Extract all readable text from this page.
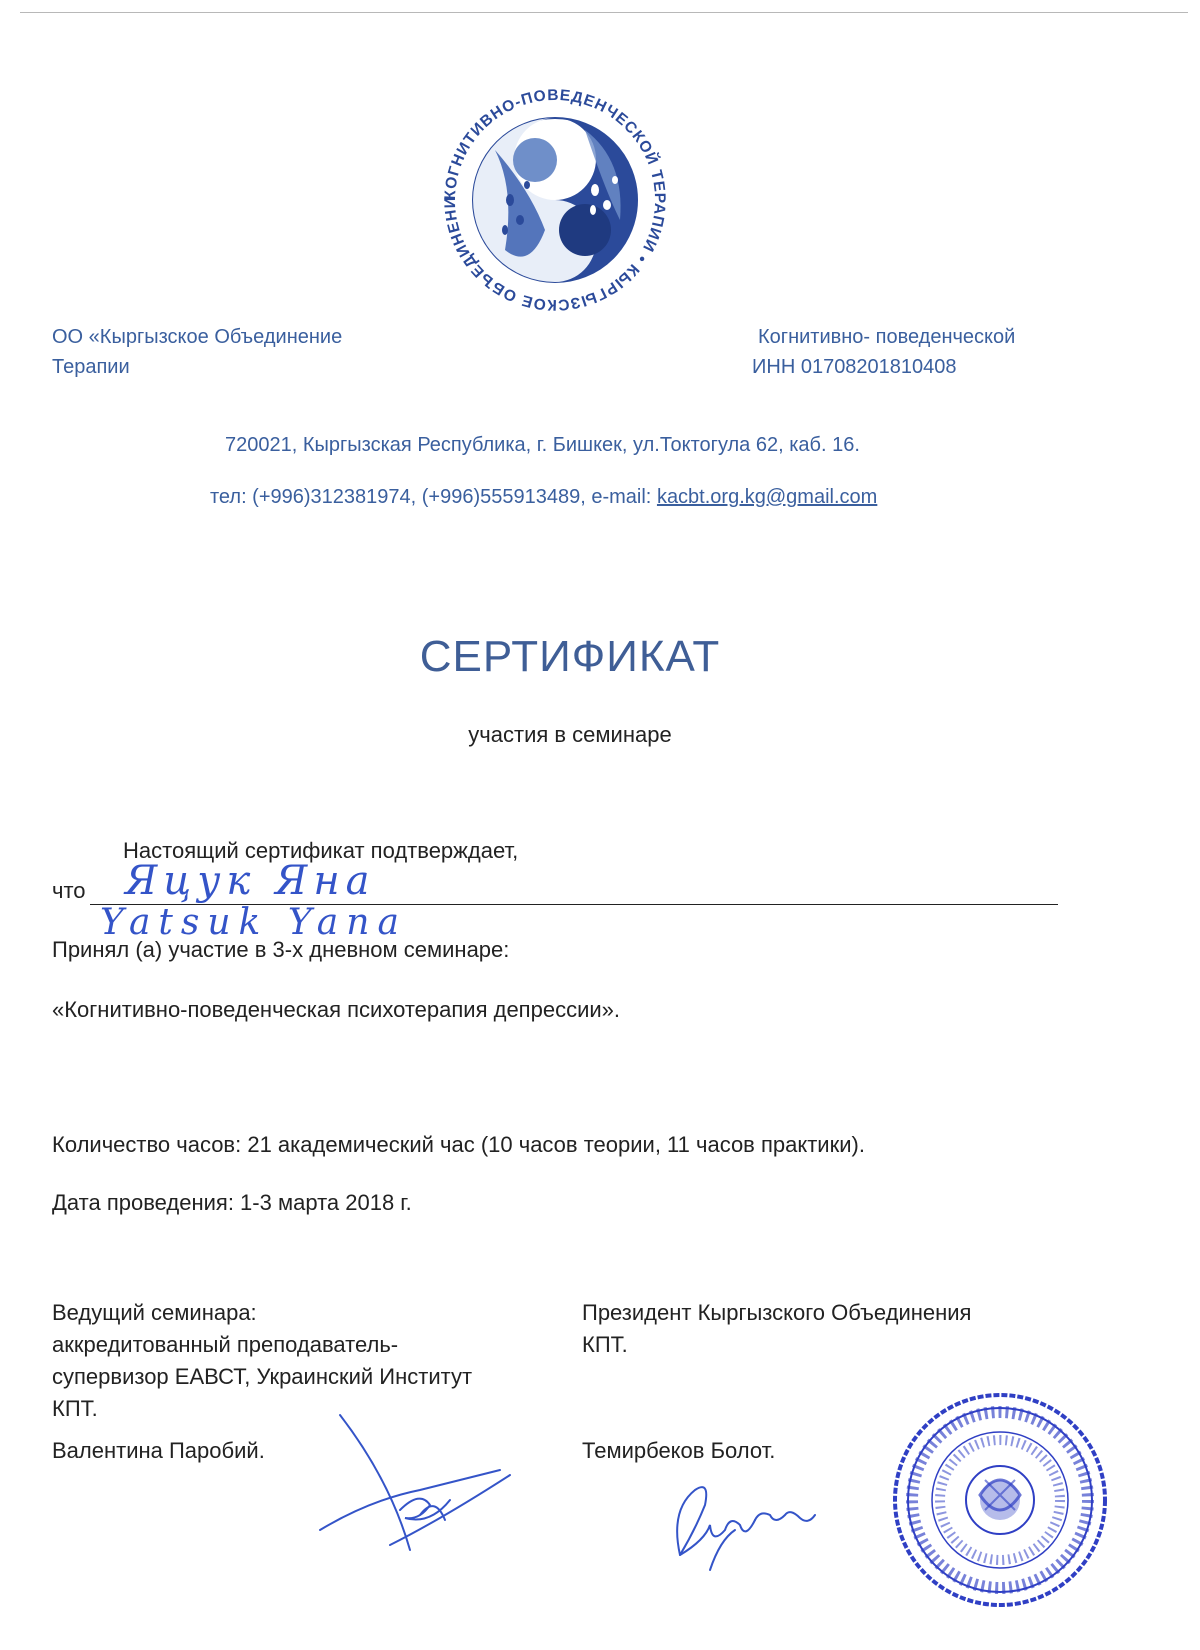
КОГНИТИВНО-ПОВЕДЕНЧЕСКОЙ ТЕРАПИИ • КЫРГЫЗСКОЕ ОБЪЕДИНЕНИЕ
ОО «Кыргызское Объединение
Терапии
Когнитивно- поведенческой
ИНН 01708201810408
720021, Кыргызская Республика, г. Бишкек, ул.Токтогула 62, каб. 16.
тел: (+996)312381974, (+996)555913489, e-mail: kacbt.org.kg@gmail.com
СЕРТИФИКАТ
участия в семинаре
Настоящий сертификат подтверждает,
что Яцук Яна
Yatsuk Yana
Принял (а) участие в 3-х дневном семинаре:
«Когнитивно-поведенческая психотерапия депрессии».
Количество часов: 21 академический час (10 часов теории, 11 часов практики).
Дата проведения: 1-3 марта 2018 г.
Ведущий семинара:
аккредитованный преподаватель-
супервизор ЕАВСТ, Украинский Институт
КПТ.
Валентина Паробий.
Президент Кыргызского Объединения
КПТ.
Темирбеков Болот.
